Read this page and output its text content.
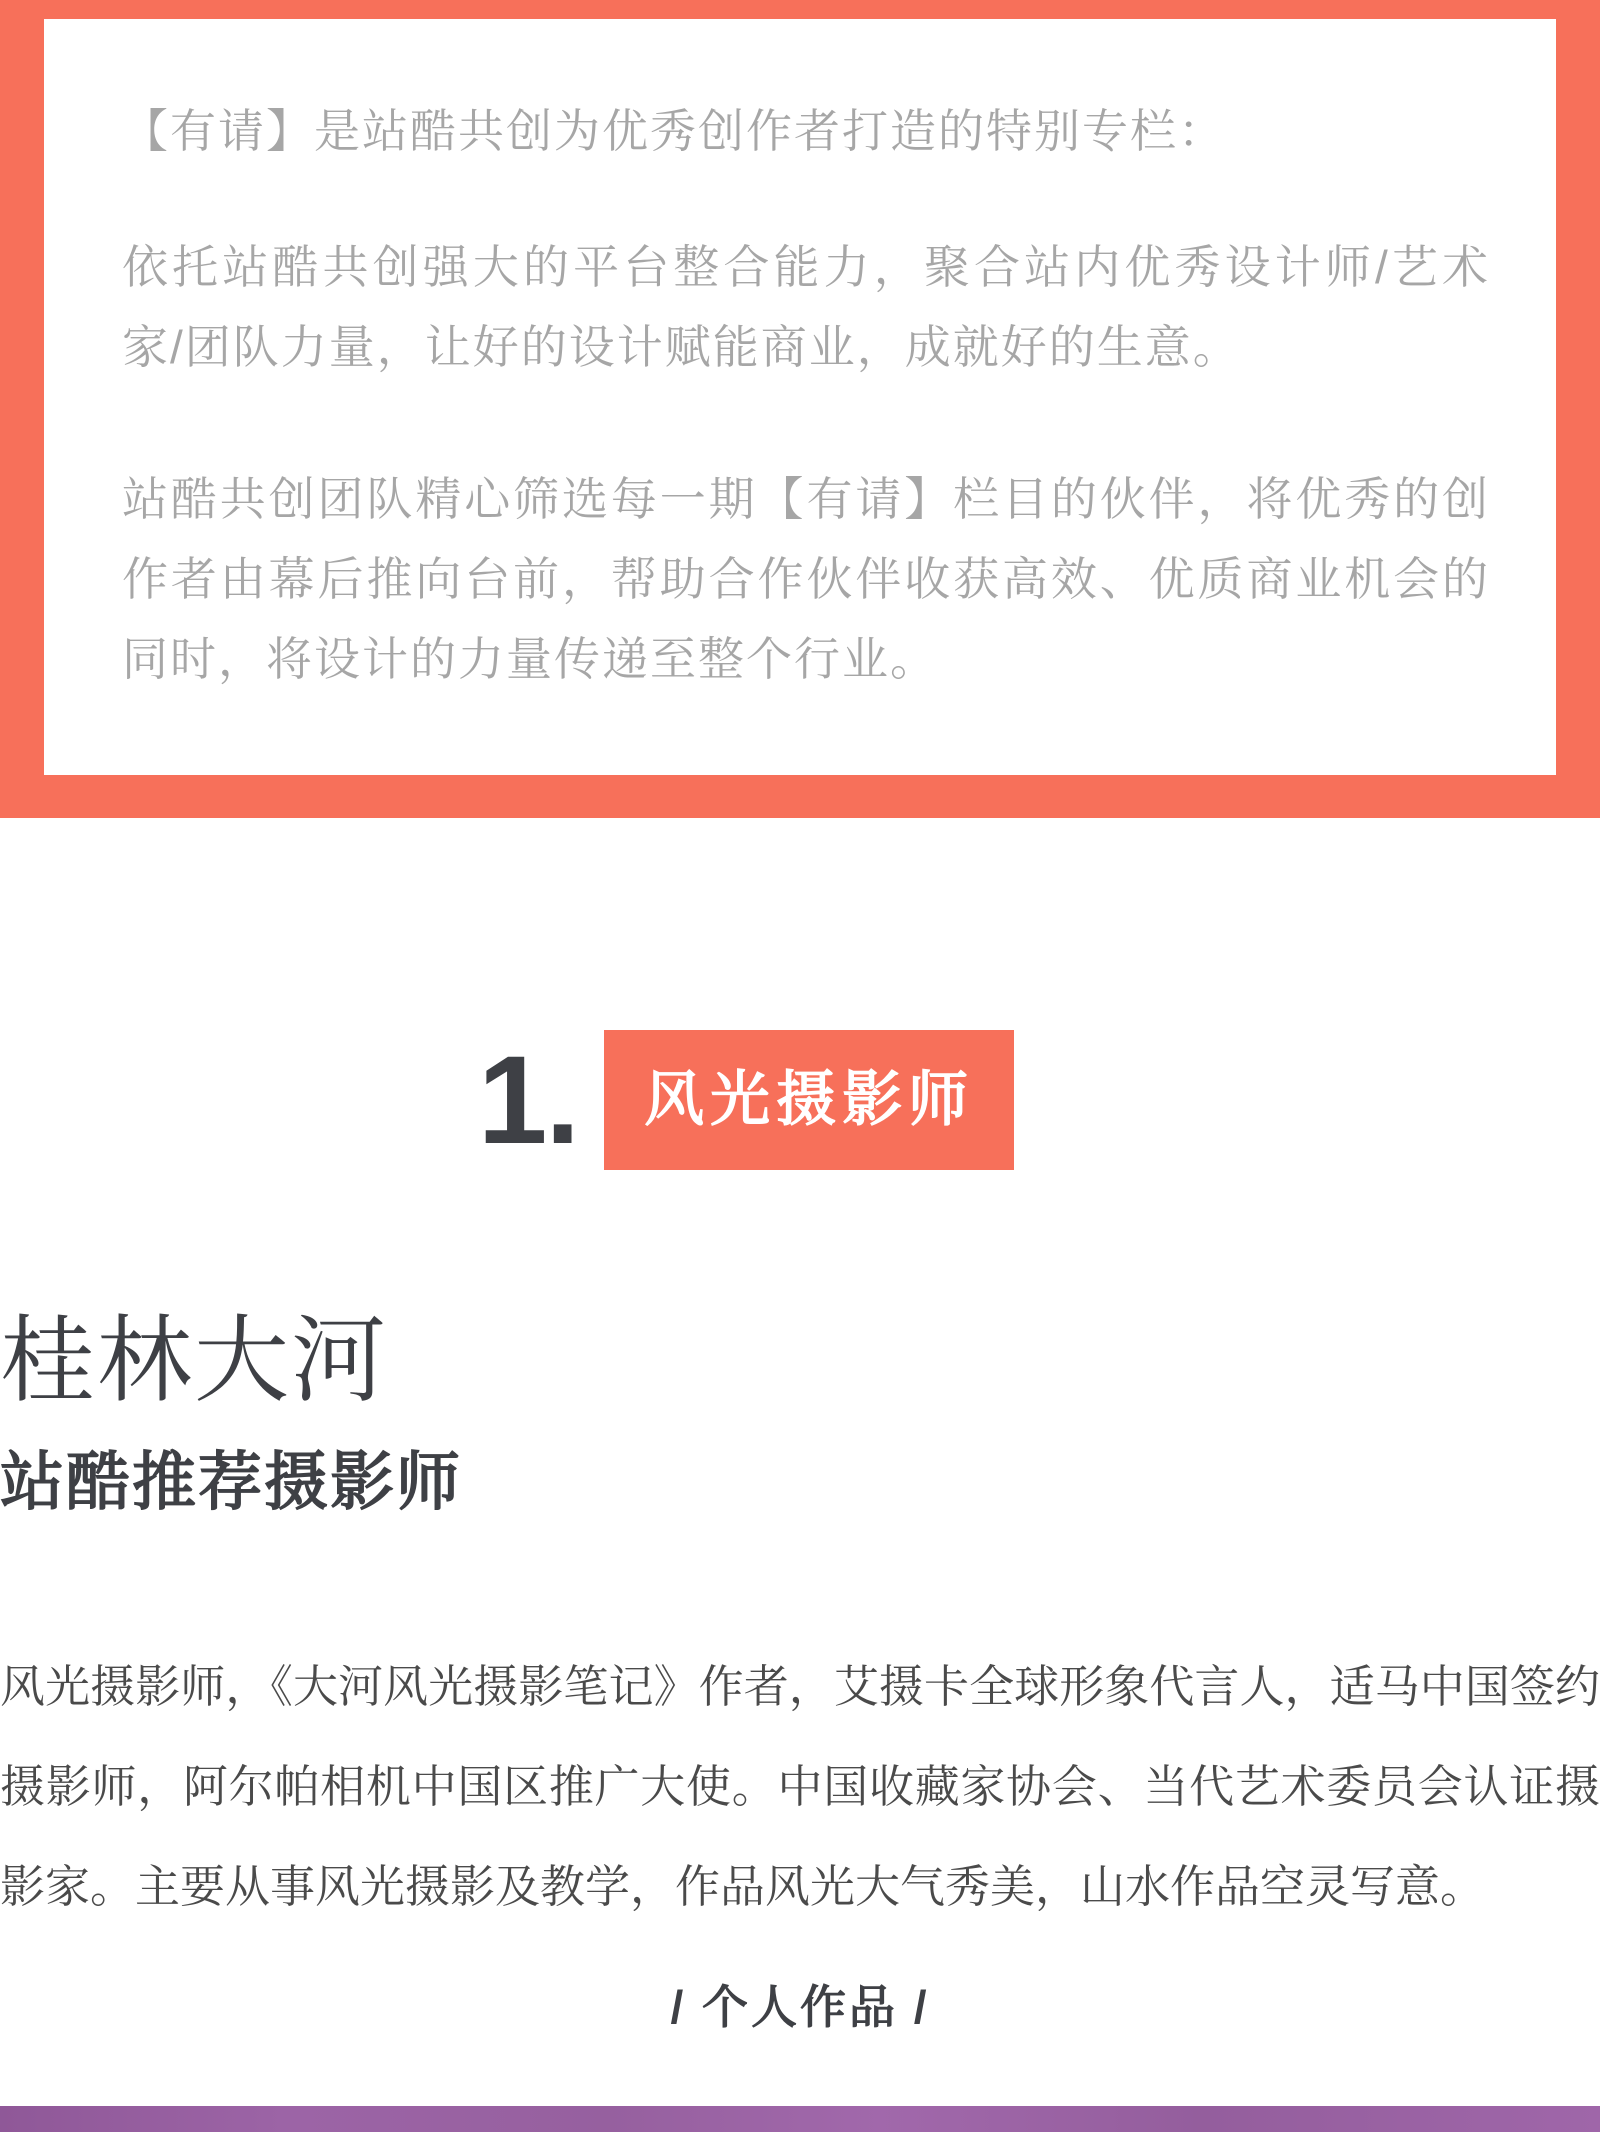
【有请】是站酷共创为优秀创作者打造的特别专栏：

依托站酷共创强大的平台整合能力，聚合站内优秀设计师/艺术家/团队力量，让好的设计赋能商业，成就好的生意。

站酷共创团队精心筛选每一期【有请】栏目的伙伴，将优秀的创作者由幕后推向台前，帮助合作伙伴收获高效、优质商业机会的同时，将设计的力量传递至整个行业。

1.	风光摄影师
桂林大河
站酷推荐摄影师

风光摄影师，《大河风光摄影笔记》作者，艾摄卡全球形象代言人，适马中国签约摄影师，阿尔帕相机中国区推广大使。中国收藏家协会、当代艺术委员会认证摄影家。主要从事风光摄影及教学，作品风光大气秀美，山水作品空灵写意。

/ 个人作品 /
